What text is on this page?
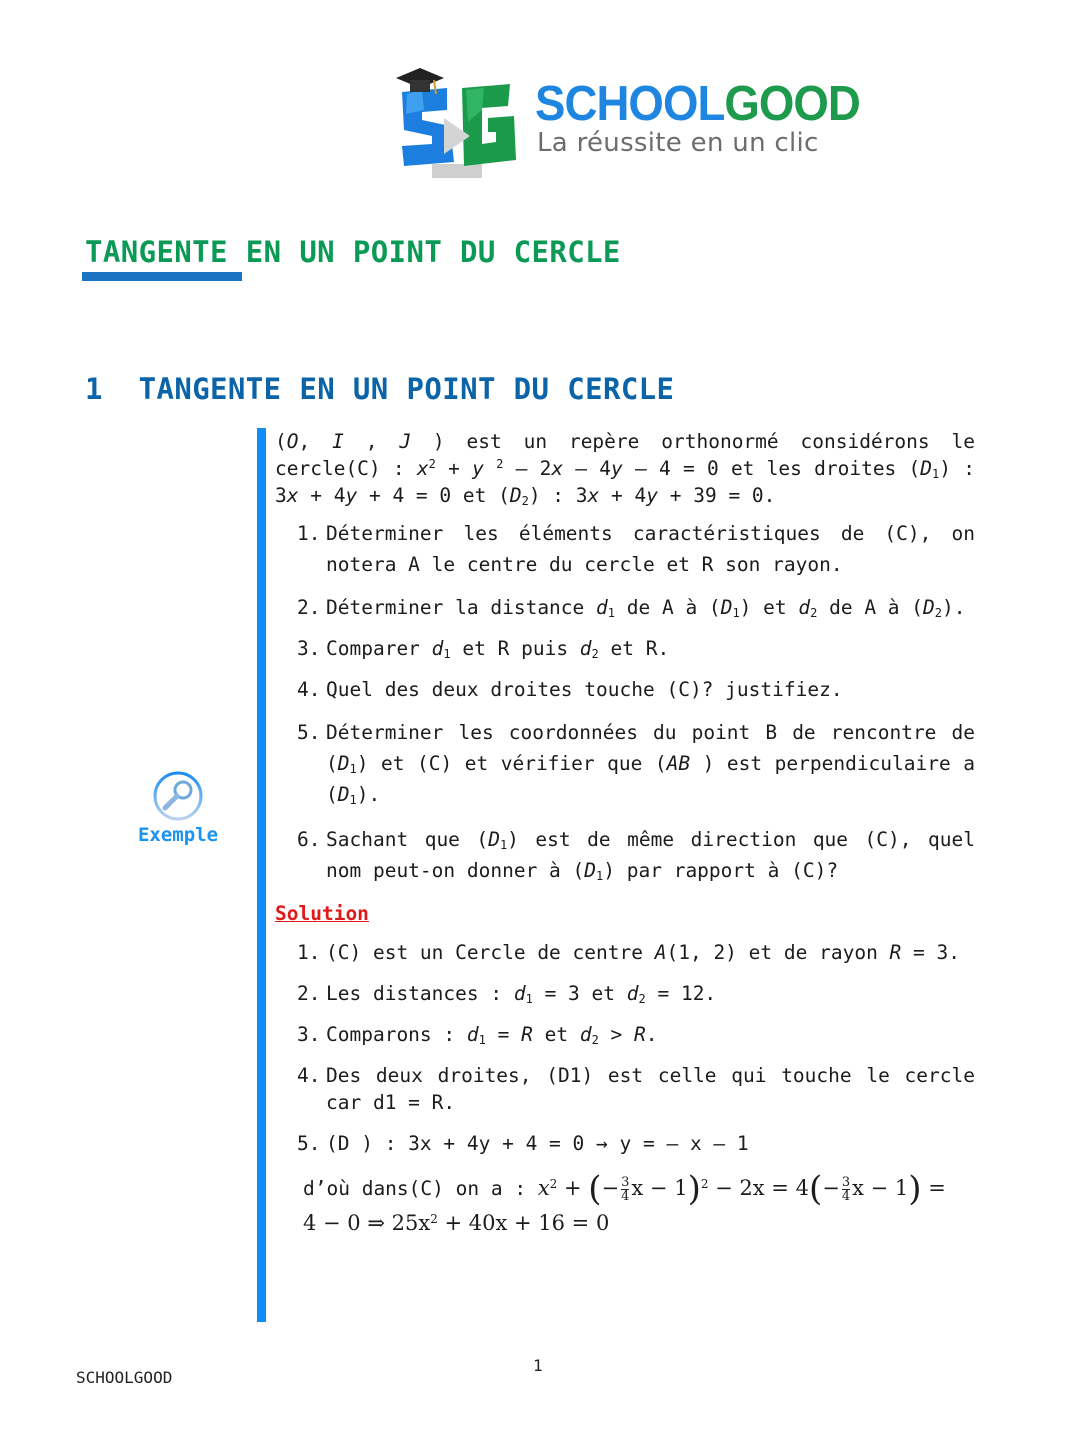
SCHOOLGOOD
La réussite en un clic
TANGENTE EN UN POINT DU CERCLE
1 TANGENTE EN UN POINT DU CERCLE
Exemple

(O, I , J ) est un repère orthonormé considérons le cercle(C) : $x^2 + y$ $^2$ – 2x – 4y – 4 = 0 et les droites $(D_1)$ : 3x + 4y + 4 = 0 et $(D_2)$ : 3x + 4y + 39 = 0.

1. Déterminer les éléments caractéristiques de (C), on notera A le centre du cercle et R son rayon.
2. Déterminer la distance $d_1$ de A à $(D_1)$ et $d_2$ de A à $(D_2)$.
3. Comparer $d_1$ et R puis $d_2$ et R.
4. Quel des deux droites touche (C)? justifiez.
5. Déterminer les coordonnées du point B de rencontre de $(D_1)$ et (C) et vérifier que (AB ) est perpendiculaire a $(D_1)$.
6. Sachant que $(D_1)$ est de même direction que (C), quel nom peut-on donner à $(D_1)$ par rapport à (C)?
Solution
1. (C) est un Cercle de centre A(1, 2) et de rayon R = 3.
2. Les distances : $d_1 = 3$ et $d_2 = 12$.
3. Comparons : $d_1 = R$ et $d_2 > R$.
4. Des deux droites, (D1) est celle qui touche le cercle car d1 = R.
5. (D ) : 3x + 4y + 4 = 0 → y = – x – 1
d’où dans(C) on a : $x^2$ + (− $\frac{3}{4}$ $x - 1)^2 - 2x = 4(- \frac{3}{4}$ x − 1) =
4 − 0 ⇒ $25x^2 + 40x + 16 = 0$
1
SCHOOLGOOD
